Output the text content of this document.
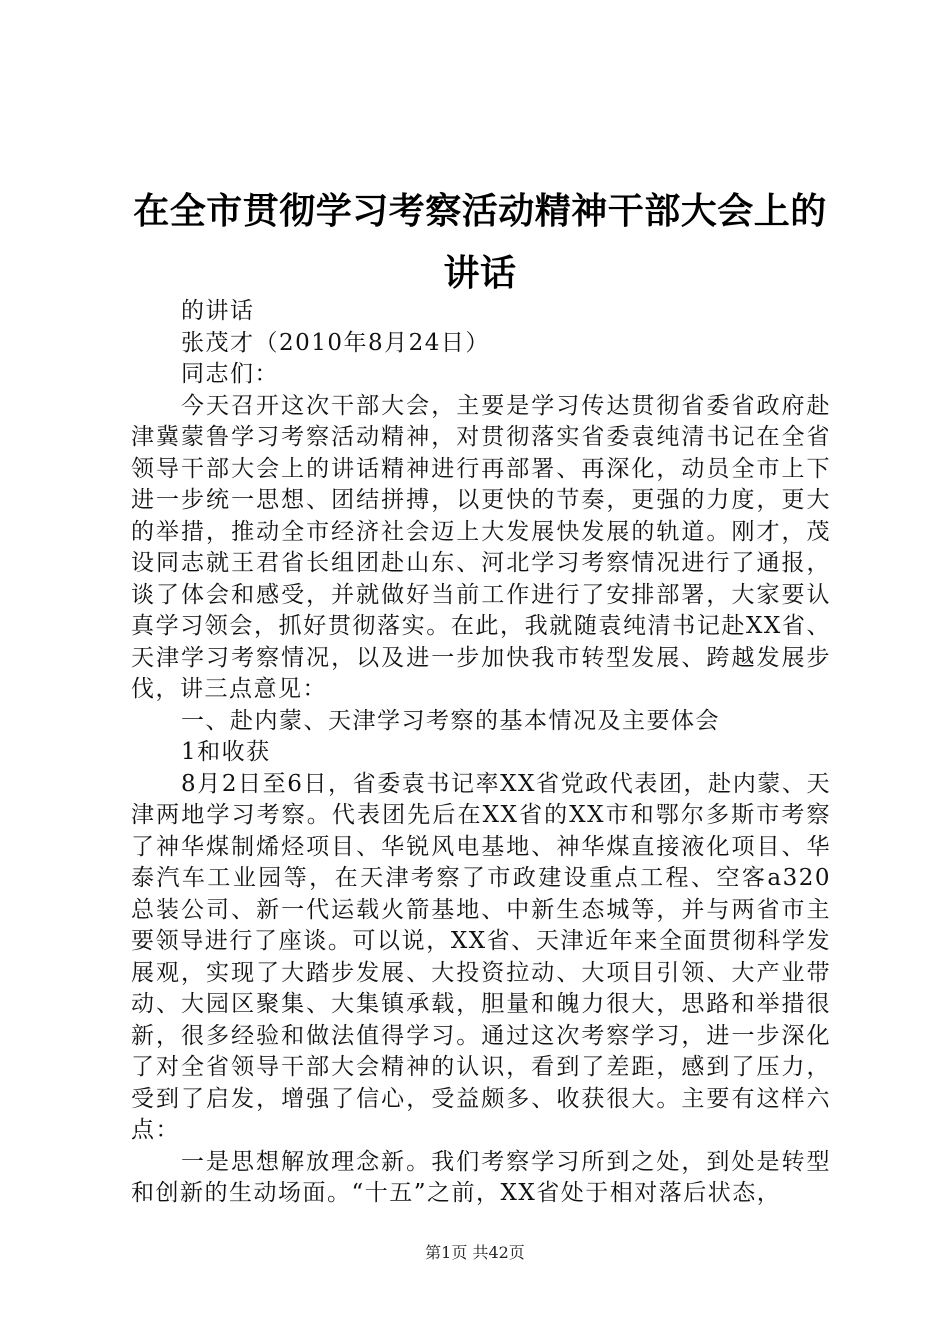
在全市贯彻学习考察活动精神干部大会上的讲话

的讲话

张茂才（2010年8月24日）

同志们：

今天召开这次干部大会，主要是学习传达贯彻省委省政府赴津冀蒙鲁学习考察活动精神，对贯彻落实省委袁纯清书记在全省领导干部大会上的讲话精神进行再部署、再深化，动员全市上下进一步统一思想、团结拼搏，以更快的节奏，更强的力度，更大的举措，推动全市经济社会迈上大发展快发展的轨道。刚才，茂设同志就王君省长组团赴山东、河北学习考察情况进行了通报，谈了体会和感受，并就做好当前工作进行了安排部署，大家要认真学习领会，抓好贯彻落实。在此，我就随袁纯清书记赴XX省、天津学习考察情况，以及进一步加快我市转型发展、跨越发展步伐，讲三点意见：

一、赴内蒙、天津学习考察的基本情况及主要体会

1和收获

8月2日至6日，省委袁书记率XX省党政代表团，赴内蒙、天津两地学习考察。代表团先后在XX省的XX市和鄂尔多斯市考察了神华煤制烯烃项目、华锐风电基地、神华煤直接液化项目、华泰汽车工业园等，在天津考察了市政建设重点工程、空客a320总装公司、新一代运载火箭基地、中新生态城等，并与两省市主要领导进行了座谈。可以说，XX省、天津近年来全面贯彻科学发展观，实现了大踏步发展、大投资拉动、大项目引领、大产业带动、大园区聚集、大集镇承载，胆量和魄力很大，思路和举措很新，很多经验和做法值得学习。通过这次考察学习，进一步深化了对全省领导干部大会精神的认识，看到了差距，感到了压力，受到了启发，增强了信心，受益颇多、收获很大。主要有这样六点：

一是思想解放理念新。我们考察学习所到之处，到处是转型和创新的生动场面。“十五”之前，XX省处于相对落后状态，

第1页 共42页
